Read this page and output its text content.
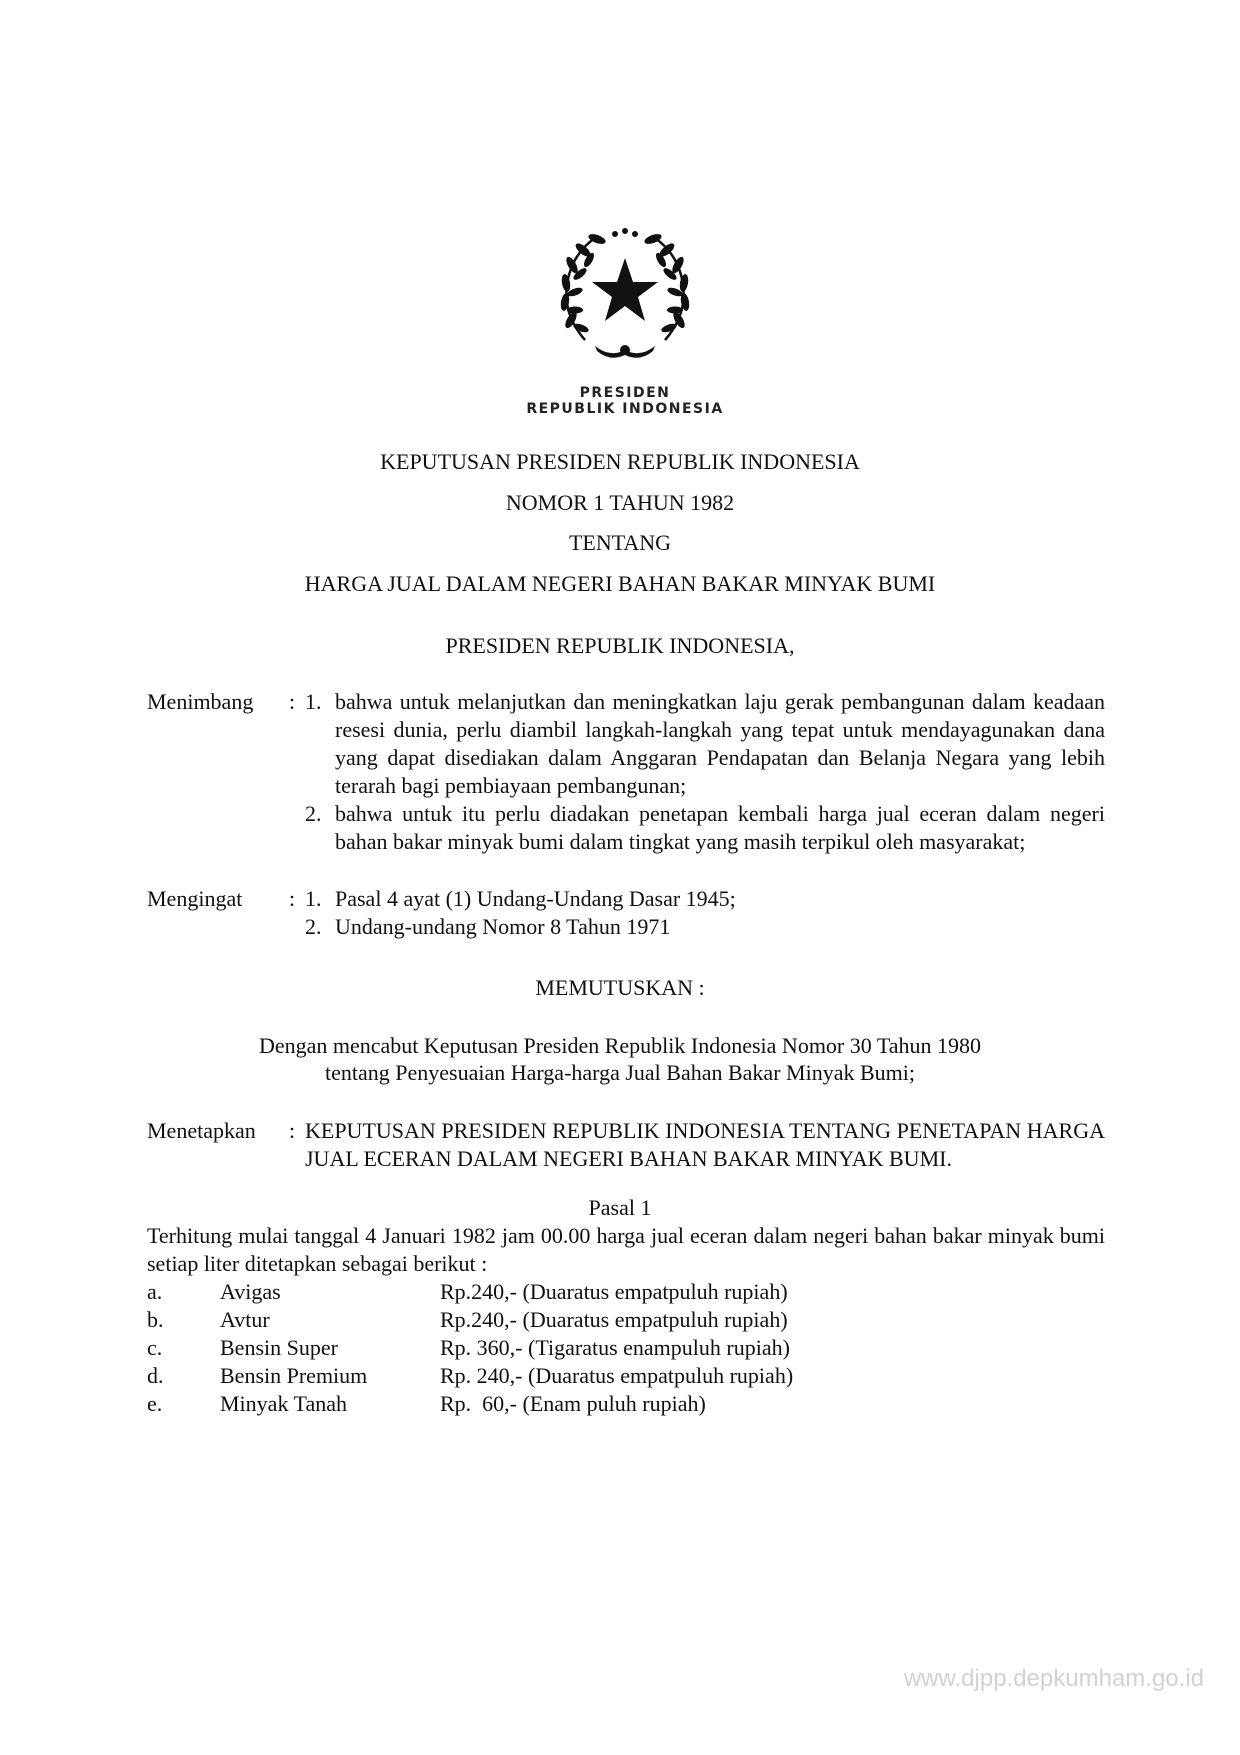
PRESIDEN
REPUBLIK INDONESIA
KEPUTUSAN PRESIDEN REPUBLIK INDONESIA
NOMOR 1 TAHUN 1982
TENTANG
HARGA JUAL DALAM NEGERI BAHAN BAKAR MINYAK BUMI
PRESIDEN REPUBLIK INDONESIA,
Menimbang : 1. bahwa untuk melanjutkan dan meningkatkan laju gerak pembangunan dalam keadaan resesi dunia, perlu diambil langkah-langkah yang tepat untuk mendayagunakan dana yang dapat disediakan dalam Anggaran Pendapatan dan Belanja Negara yang lebih terarah bagi pembiayaan pembangunan;
2. bahwa untuk itu perlu diadakan penetapan kembali harga jual eceran dalam negeri bahan bakar minyak bumi dalam tingkat yang masih terpikul oleh masyarakat;
Mengingat : 1. Pasal 4 ayat (1) Undang-Undang Dasar 1945;
2. Undang-undang Nomor 8 Tahun 1971
MEMUTUSKAN :
Dengan mencabut Keputusan Presiden Republik Indonesia Nomor 30 Tahun 1980
tentang Penyesuaian Harga-harga Jual Bahan Bakar Minyak Bumi;
Menetapkan : KEPUTUSAN PRESIDEN REPUBLIK INDONESIA TENTANG PENETAPAN HARGA JUAL ECERAN DALAM NEGERI BAHAN BAKAR MINYAK BUMI.
Pasal 1
Terhitung mulai tanggal 4 Januari 1982 jam 00.00 harga jual eceran dalam negeri bahan bakar minyak bumi setiap liter ditetapkan sebagai berikut :
a.	Avigas	Rp.240,- (Duaratus empatpuluh rupiah)
b.	Avtur	Rp.240,- (Duaratus empatpuluh rupiah)
c.	Bensin Super	Rp. 360,- (Tigaratus enampuluh rupiah)
d.	Bensin Premium	Rp. 240,- (Duaratus empatpuluh rupiah)
e.	Minyak Tanah	Rp.  60,- (Enam puluh rupiah)
www.djpp.depkumham.go.id
